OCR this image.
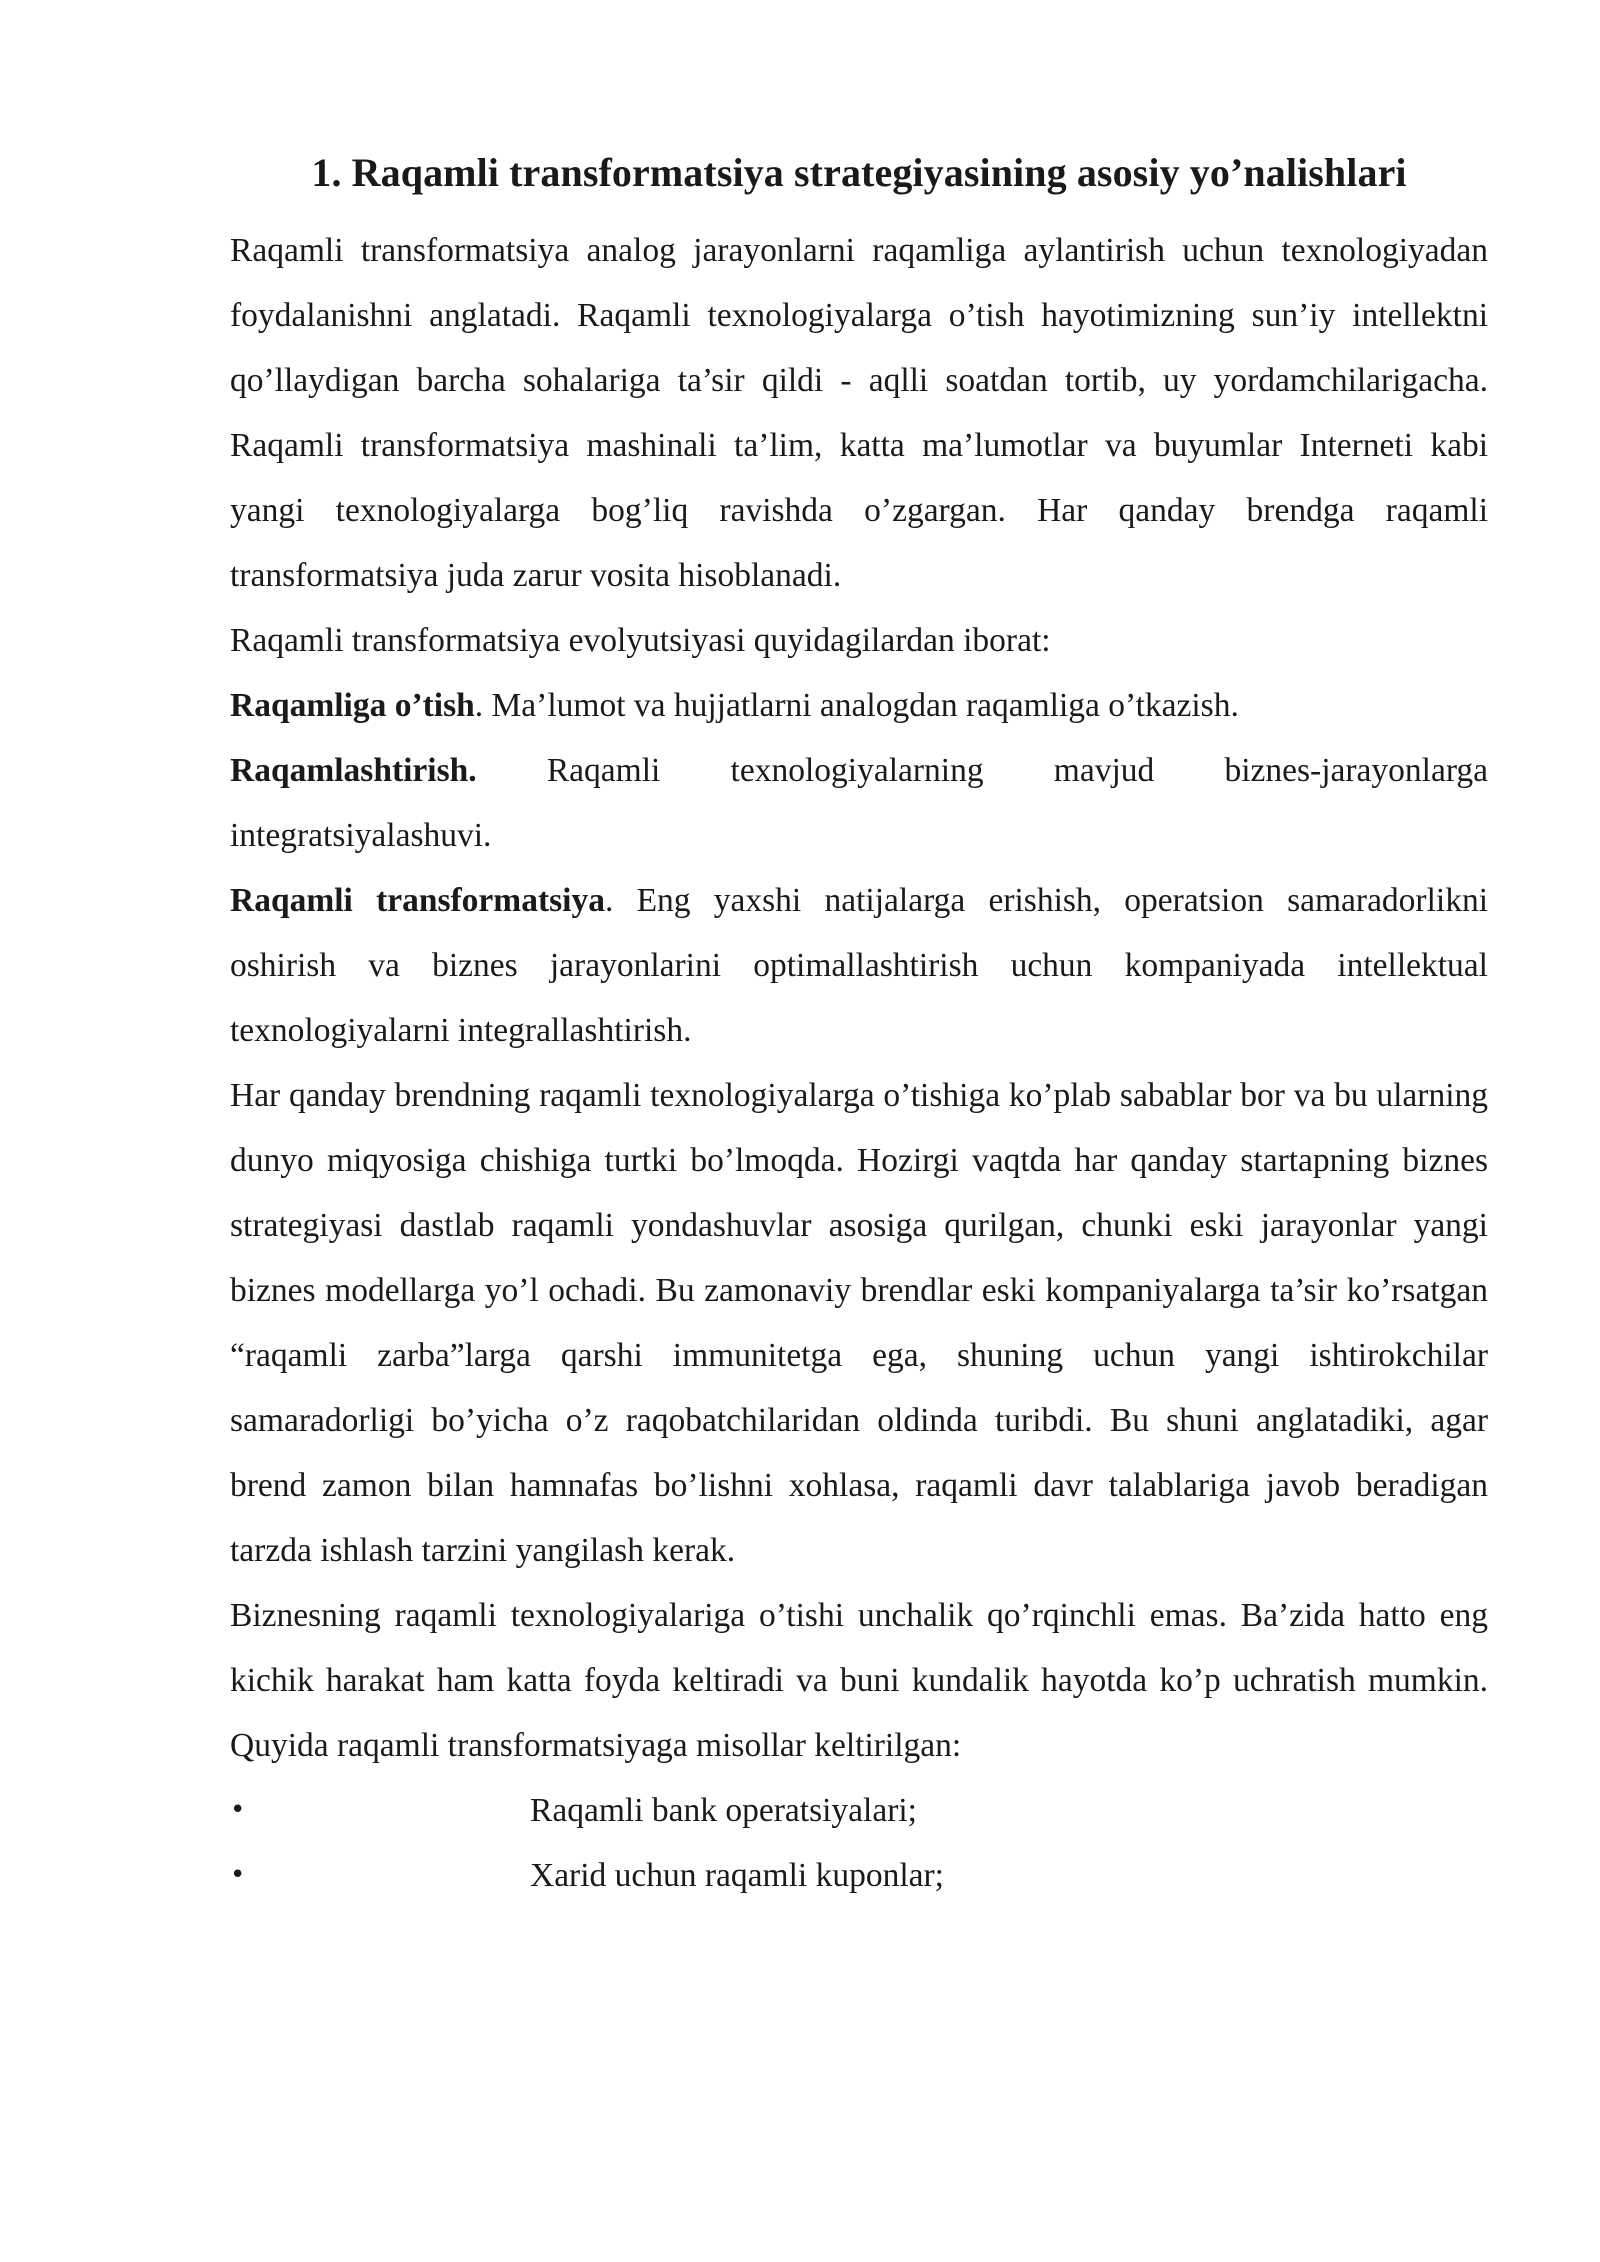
1. Raqamli transformatsiya strategiyasining asosiy yo’nalishlari

Raqamli transformatsiya analog jarayonlarni raqamliga aylantirish uchun texnologiyadan foydalanishni anglatadi. Raqamli texnologiyalarga o’tish hayotimizning sun’iy intellektni qo’llaydigan barcha sohalariga ta’sir qildi - aqlli soatdan tortib, uy yordamchilarigacha. Raqamli transformatsiya mashinali ta’lim, katta ma’lumotlar va buyumlar Interneti kabi yangi texnologiyalarga bog’liq ravishda o’zgargan. Har qanday brendga raqamli transformatsiya juda zarur vosita hisoblanadi.

Raqamli transformatsiya evolyutsiyasi quyidagilardan iborat:

Raqamliga o’tish. Ma’lumot va hujjatlarni analogdan raqamliga o’tkazish.

Raqamlashtirish. Raqamli texnologiyalarning mavjud biznes-jarayonlarga integratsiyalashuvi.

Raqamli transformatsiya. Eng yaxshi natijalarga erishish, operatsion samaradorlikni oshirish va biznes jarayonlarini optimallashtirish uchun kompaniyada intellektual texnologiyalarni integrallashtirish.

Har qanday brendning raqamli texnologiyalarga o’tishiga ko’plab sabablar bor va bu ularning dunyo miqyosiga chishiga turtki bo’lmoqda. Hozirgi vaqtda har qanday startapning biznes strategiyasi dastlab raqamli yondashuvlar asosiga qurilgan, chunki eski jarayonlar yangi biznes modellarga yo’l ochadi. Bu zamonaviy brendlar eski kompaniyalarga ta’sir ko’rsatgan “raqamli zarba”larga qarshi immunitetga ega, shuning uchun yangi ishtirokchilar samaradorligi bo’yicha o’z raqobatchilaridan oldinda turibdi. Bu shuni anglatadiki, agar brend zamon bilan hamnafas bo’lishni xohlasa, raqamli davr talablariga javob beradigan tarzda ishlash tarzini yangilash kerak.

Biznesning raqamli texnologiyalariga o’tishi unchalik qo’rqinchli emas. Ba’zida hatto eng kichik harakat ham katta foyda keltiradi va buni kundalik hayotda ko’p uchratish mumkin. Quyida raqamli transformatsiyaga misollar keltirilgan:

•	Raqamli bank operatsiyalari;
•	Xarid uchun raqamli kuponlar;
